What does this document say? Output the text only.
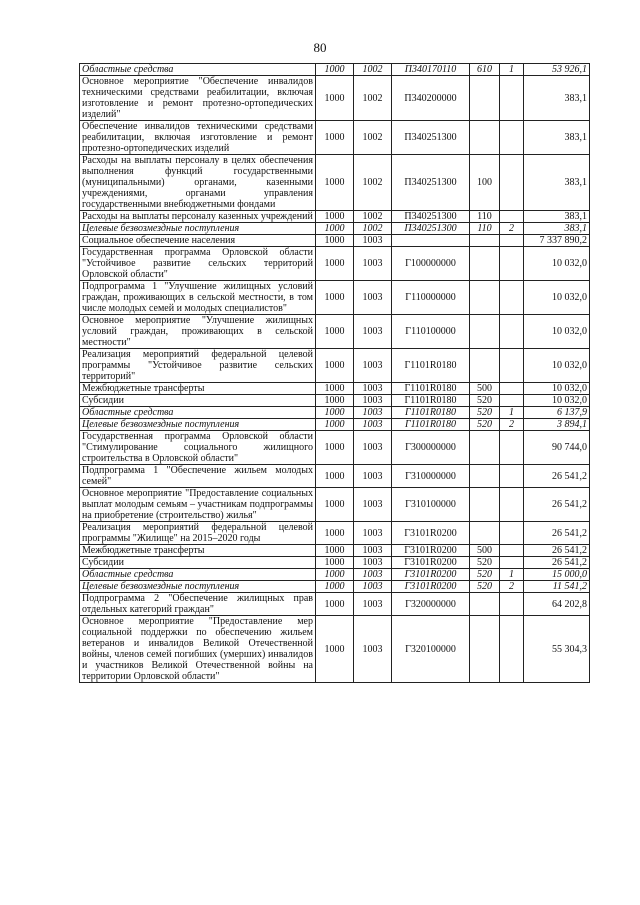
80
Областные средства	1000	1002	П340170110	610	1	53 926,1
Основное мероприятие "Обеспечение инвалидов техническими средствами реабилитации, включая изготовление и ремонт протезно-ортопедических изделий"	1000	1002	П340200000			383,1
Обеспечение инвалидов техническими средствами реабилитации, включая изготовление и ремонт протезно-ортопедических изделий	1000	1002	П340251300			383,1
Расходы на выплаты персоналу в целях обеспечения выполнения функций государственными (муниципальными) органами, казенными учреждениями, органами управления государственными внебюджетными фондами	1000	1002	П340251300	100		383,1
Расходы на выплаты персоналу казенных учреждений	1000	1002	П340251300	110		383,1
Целевые безвозмездные поступления	1000	1002	П340251300	110	2	383,1
Социальное обеспечение населения	1000	1003				7 337 890,2
Государственная программа Орловской области "Устойчивое развитие сельских территорий Орловской области"	1000	1003	Г100000000			10 032,0
Подпрограмма 1 "Улучшение жилищных условий граждан, проживающих в сельской местности, в том числе молодых семей и молодых специалистов"	1000	1003	Г110000000			10 032,0
Основное мероприятие "Улучшение жилищных условий граждан, проживающих в сельской местности"	1000	1003	Г110100000			10 032,0
Реализация мероприятий федеральной целевой программы "Устойчивое развитие сельских территорий"	1000	1003	Г1101R0180			10 032,0
Межбюджетные трансферты	1000	1003	Г1101R0180	500		10 032,0
Субсидии	1000	1003	Г1101R0180	520		10 032,0
Областные средства	1000	1003	Г1101R0180	520	1	6 137,9
Целевые безвозмездные поступления	1000	1003	Г1101R0180	520	2	3 894,1
Государственная программа Орловской области "Стимулирование социального жилищного строительства в Орловской области"	1000	1003	Г300000000			90 744,0
Подпрограмма 1 "Обеспечение жильем молодых семей"	1000	1003	Г310000000			26 541,2
Основное мероприятие "Предоставление социальных выплат молодым семьям – участникам подпрограммы на приобретение (строительство) жилья"	1000	1003	Г310100000			26 541,2
Реализация мероприятий федеральной целевой программы "Жилище" на 2015–2020 годы	1000	1003	Г3101R0200			26 541,2
Межбюджетные трансферты	1000	1003	Г3101R0200	500		26 541,2
Субсидии	1000	1003	Г3101R0200	520		26 541,2
Областные средства	1000	1003	Г3101R0200	520	1	15 000,0
Целевые безвозмездные поступления	1000	1003	Г3101R0200	520	2	11 541,2
Подпрограмма 2 "Обеспечение жилищных прав отдельных категорий граждан"	1000	1003	Г320000000			64 202,8
Основное мероприятие "Предоставление мер социальной поддержки по обеспечению жильем ветеранов и инвалидов Великой Отечественной войны, членов семей погибших (умерших) инвалидов и участников Великой Отечественной войны на территории Орловской области"	1000	1003	Г320100000			55 304,3
